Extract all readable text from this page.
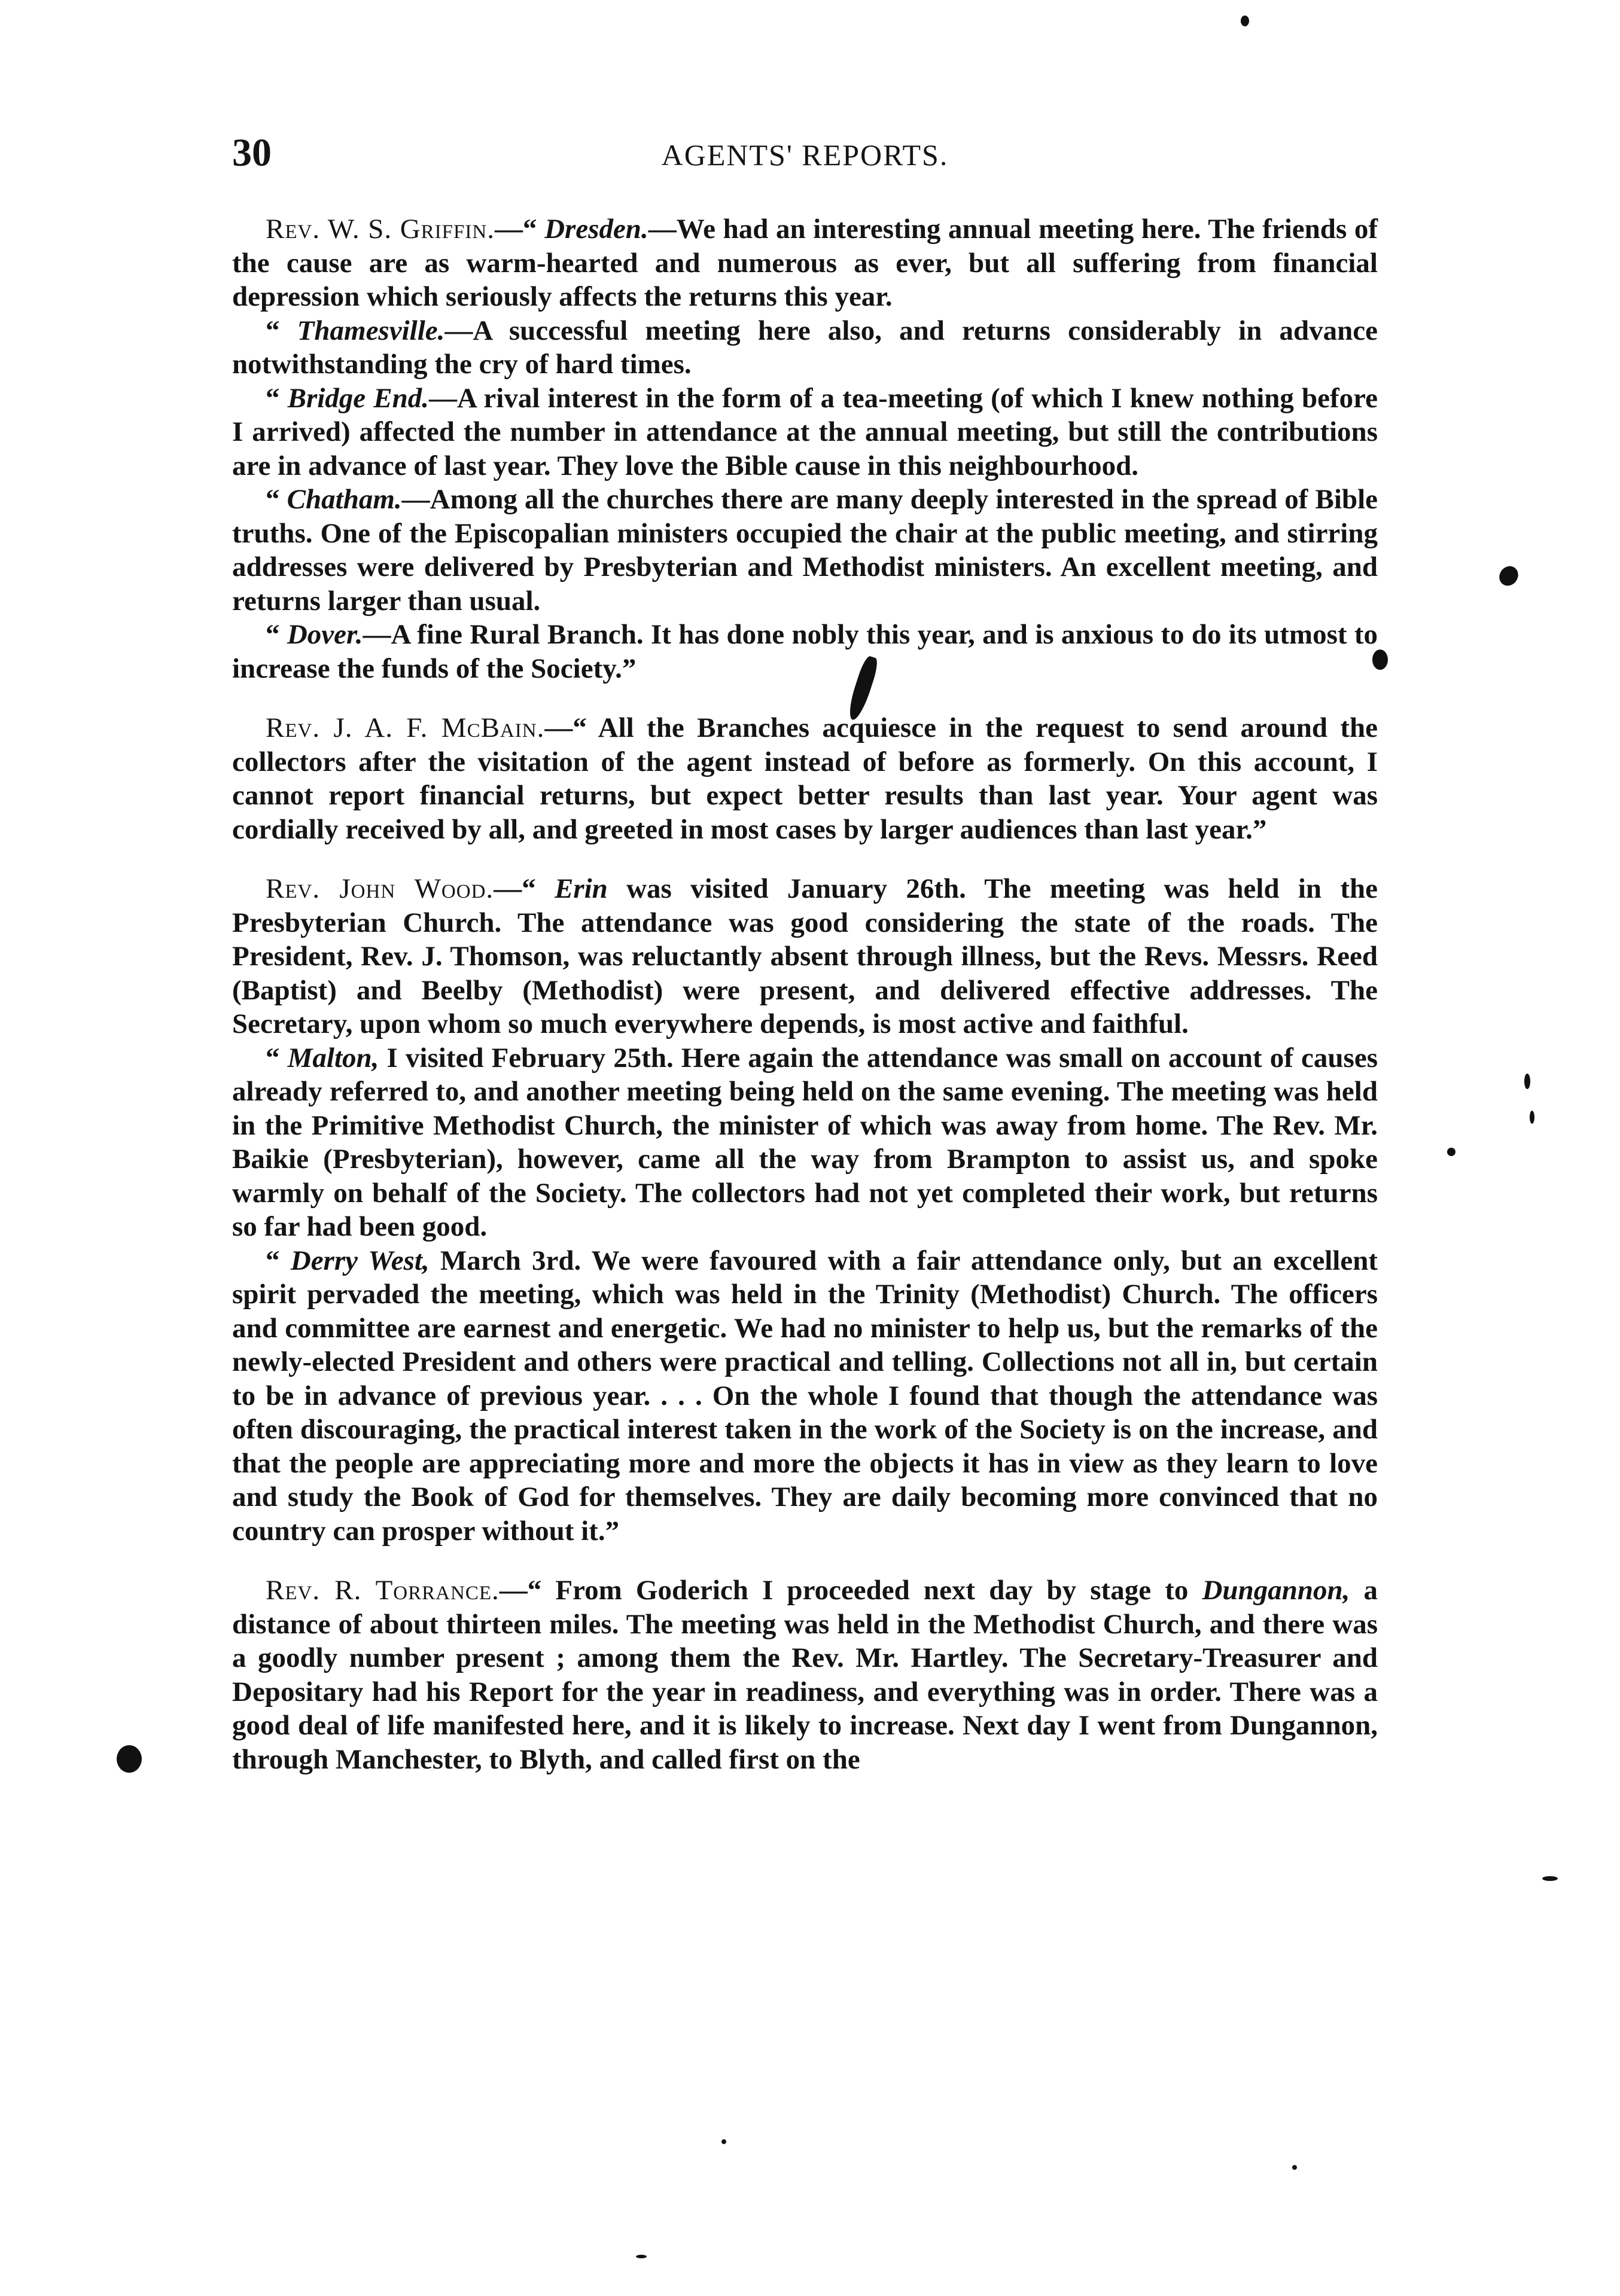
30	AGENTS' REPORTS.

Rev. W. S. Griffin.—“ Dresden.—We had an interesting annual meeting here. The friends of the cause are as warm-hearted and numerous as ever, but all suffering from financial depression which seriously affects the returns this year.

“ Thamesville.—A successful meeting here also, and returns considerably in advance notwithstanding the cry of hard times.

“ Bridge End.—A rival interest in the form of a tea-meeting (of which I knew nothing before I arrived) affected the number in attendance at the annual meeting, but still the contributions are in advance of last year. They love the Bible cause in this neighbourhood.

“ Chatham.—Among all the churches there are many deeply interested in the spread of Bible truths. One of the Episcopalian ministers occupied the chair at the public meeting, and stirring addresses were delivered by Presbyterian and Methodist ministers. An excellent meeting, and returns larger than usual.

“ Dover.—A fine Rural Branch. It has done nobly this year, and is anxious to do its utmost to increase the funds of the Society.”

Rev. J. A. F. McBain.—“ All the Branches acquiesce in the request to send around the collectors after the visitation of the agent instead of before as formerly. On this account, I cannot report financial returns, but expect better results than last year. Your agent was cordially received by all, and greeted in most cases by larger audiences than last year.”

Rev. John Wood.—“ Erin was visited January 26th. The meeting was held in the Presbyterian Church. The attendance was good considering the state of the roads. The President, Rev. J. Thomson, was reluctantly absent through illness, but the Revs. Messrs. Reed (Baptist) and Beelby (Methodist) were present, and delivered effective addresses. The Secretary, upon whom so much everywhere depends, is most active and faithful.

“ Malton, I visited February 25th. Here again the attendance was small on account of causes already referred to, and another meeting being held on the same evening. The meeting was held in the Primitive Methodist Church, the minister of which was away from home. The Rev. Mr. Baikie (Presbyterian), however, came all the way from Brampton to assist us, and spoke warmly on behalf of the Society. The collectors had not yet completed their work, but returns so far had been good.

“ Derry West, March 3rd. We were favoured with a fair attendance only, but an excellent spirit pervaded the meeting, which was held in the Trinity (Methodist) Church. The officers and committee are earnest and energetic. We had no minister to help us, but the remarks of the newly-elected President and others were practical and telling. Collections not all in, but certain to be in advance of previous year. . . . On the whole I found that though the attendance was often discouraging, the practical interest taken in the work of the Society is on the increase, and that the people are appreciating more and more the objects it has in view as they learn to love and study the Book of God for themselves. They are daily becoming more convinced that no country can prosper without it.”

Rev. R. Torrance.—“ From Goderich I proceeded next day by stage to Dungannon, a distance of about thirteen miles. The meeting was held in the Methodist Church, and there was a goodly number present ; among them the Rev. Mr. Hartley. The Secretary-Treasurer and Depositary had his Report for the year in readiness, and everything was in order. There was a good deal of life manifested here, and it is likely to increase. Next day I went from Dungannon, through Manchester, to Blyth, and called first on the
